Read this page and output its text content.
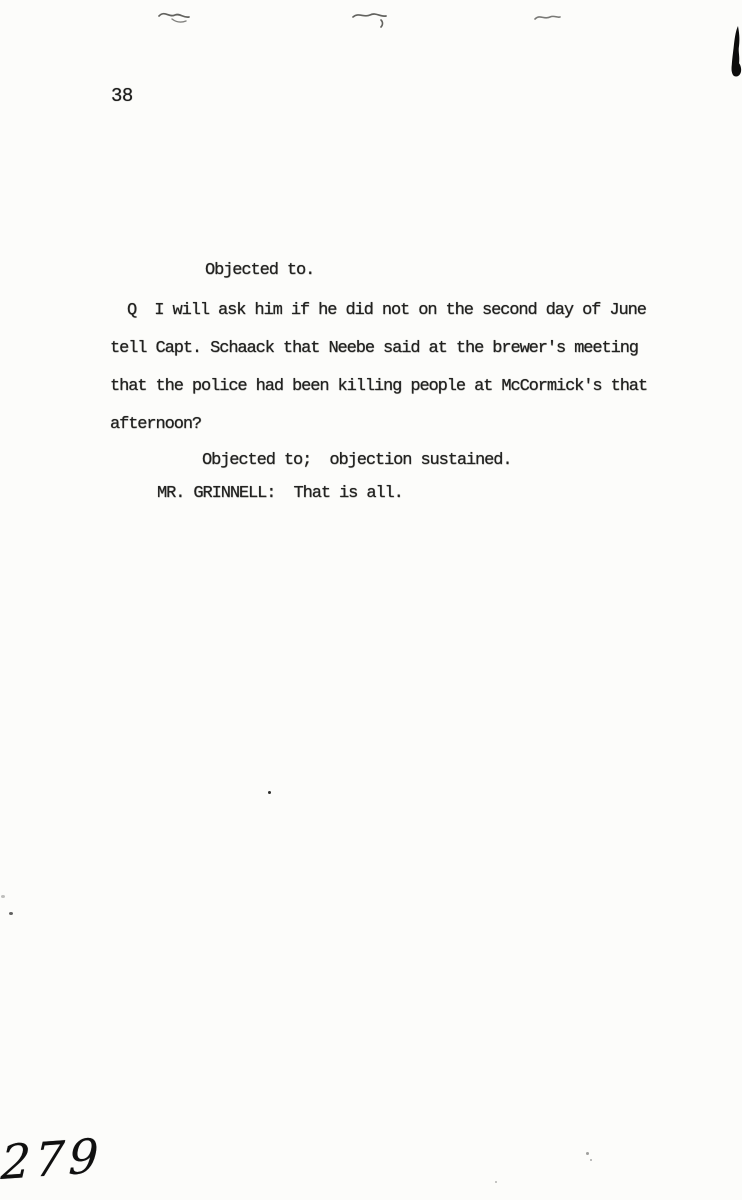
38
Objected to.
Q  I will ask him if he did not on the second day of June
tell Capt. Schaack that Neebe said at the brewer's meeting
that the police had been killing people at McCormick's that
afternoon?
Objected to;  objection sustained.
MR. GRINNELL:  That is all.
279
